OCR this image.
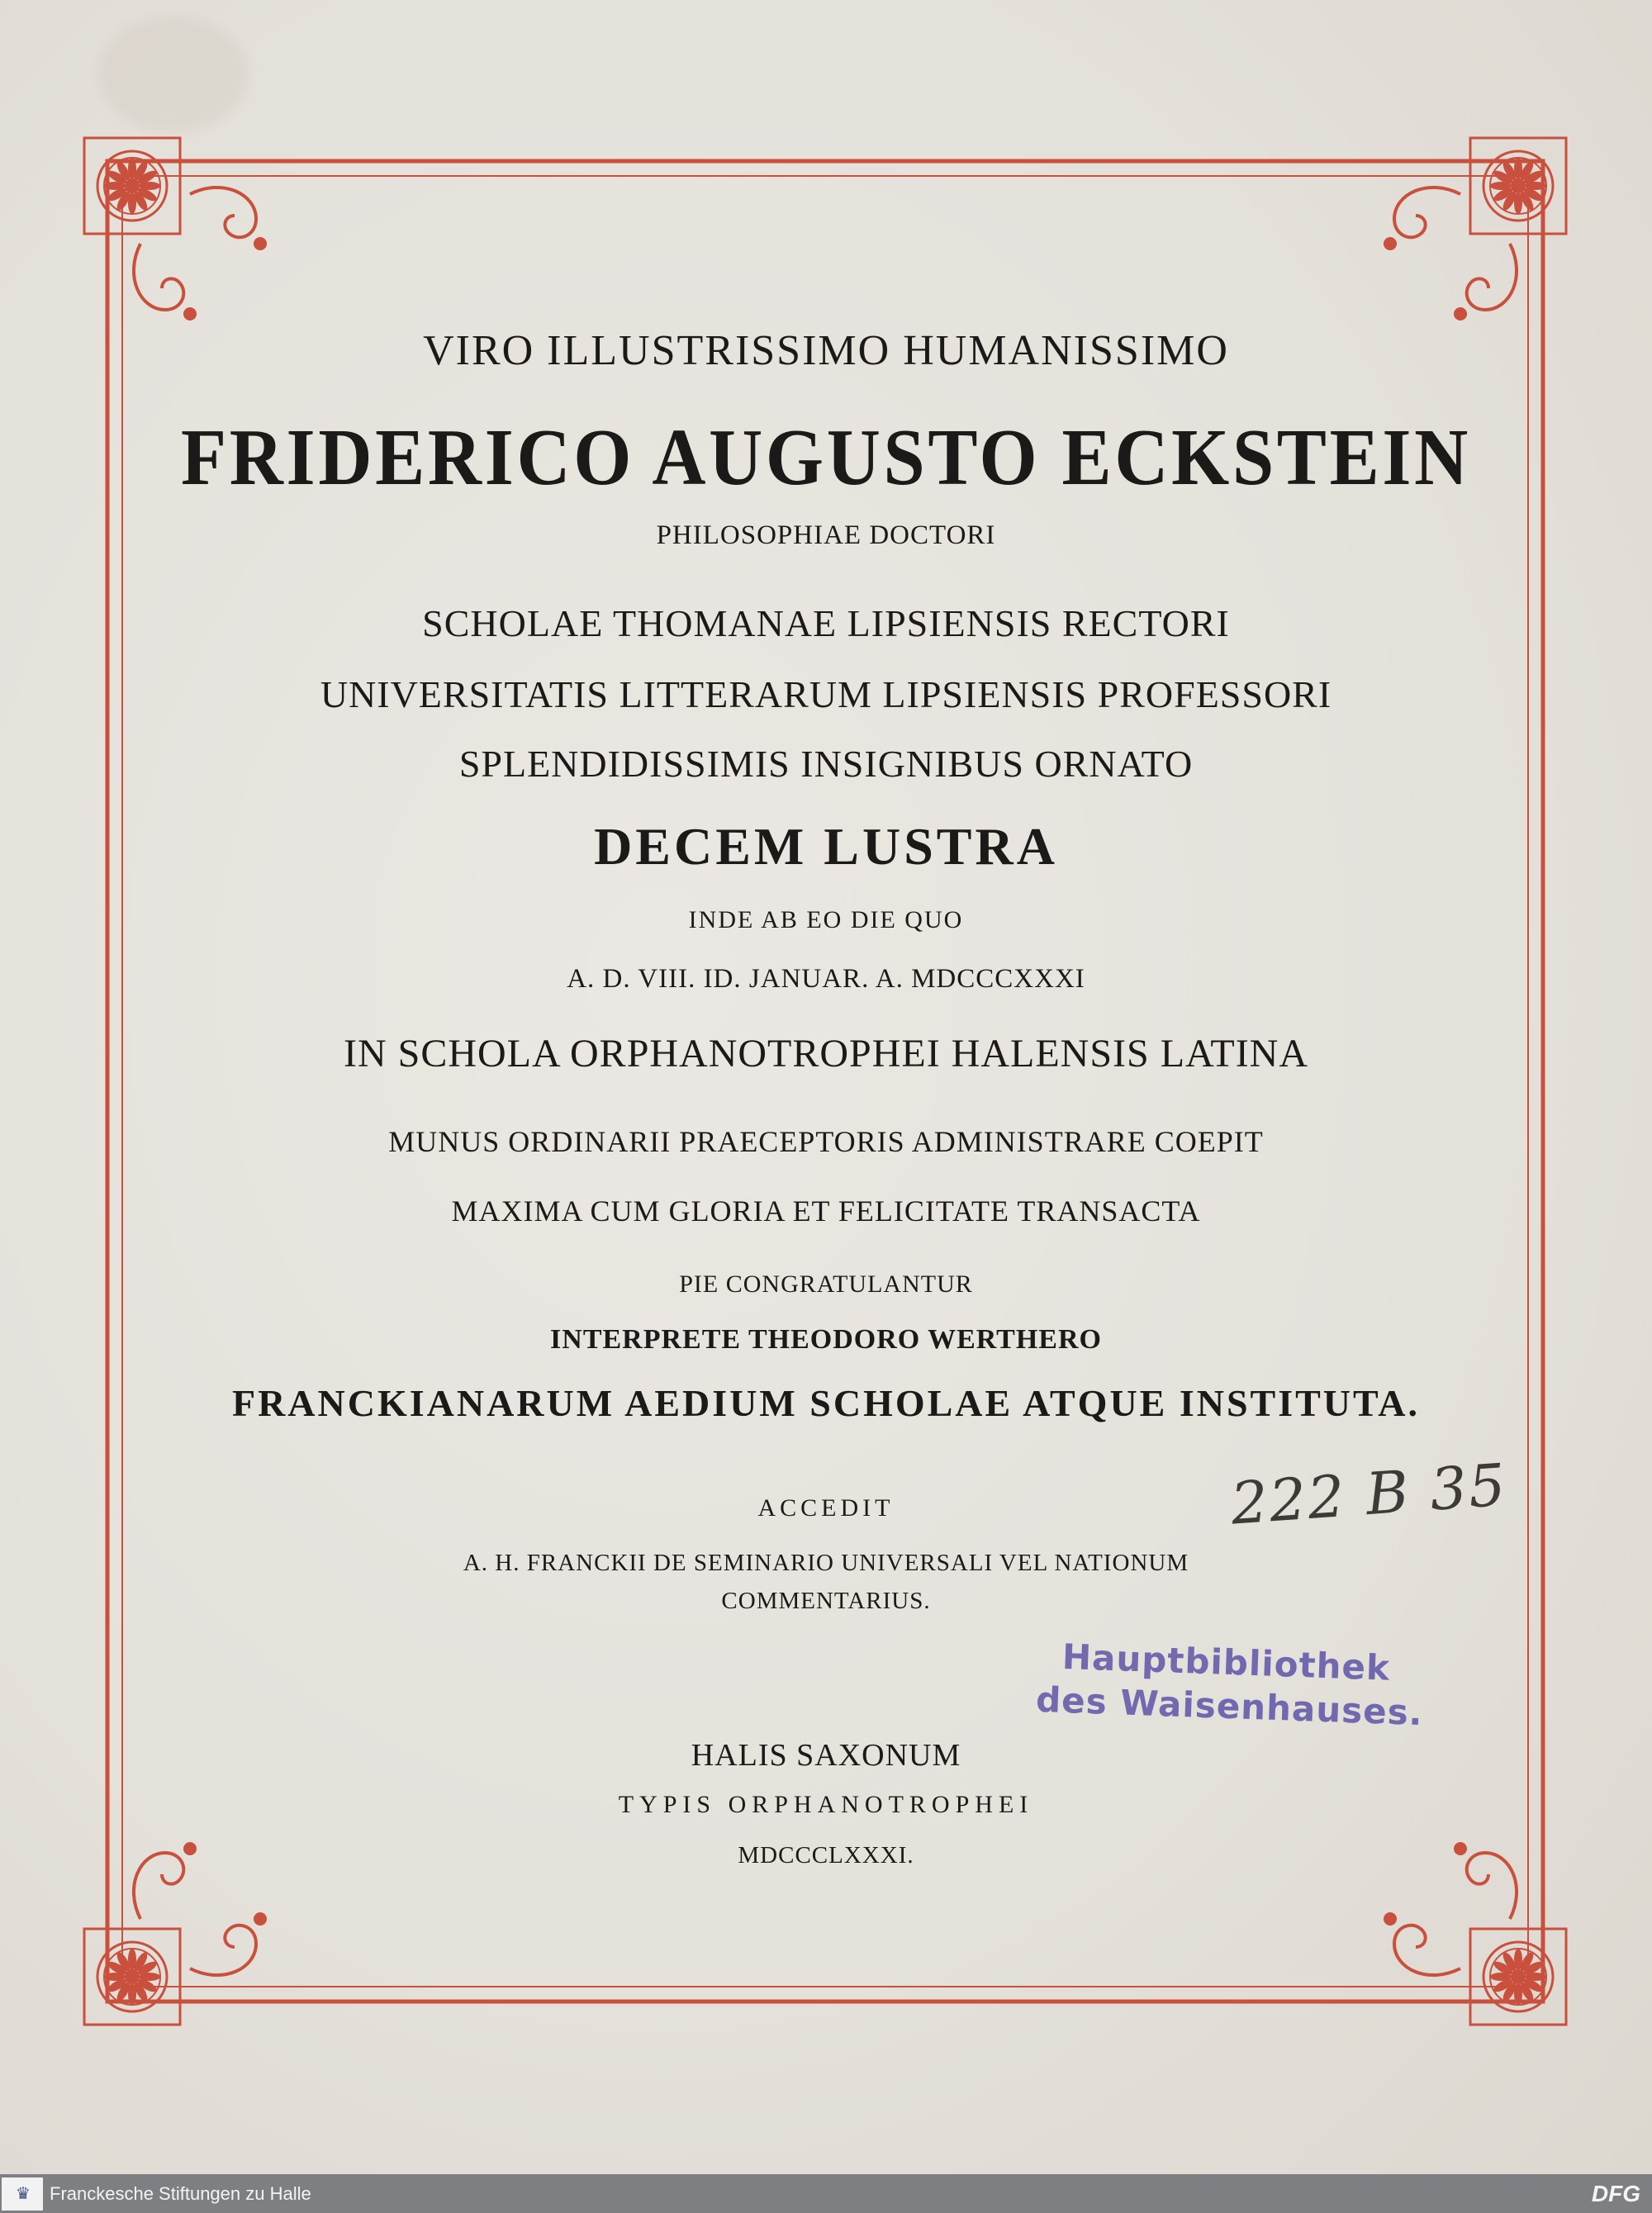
VIRO ILLUSTRISSIMO HUMANISSIMO
FRIDERICO AUGUSTO ECKSTEIN
PHILOSOPHIAE DOCTORI
SCHOLAE THOMANAE LIPSIENSIS RECTORI
UNIVERSITATIS LITTERARUM LIPSIENSIS PROFESSORI
SPLENDIDISSIMIS INSIGNIBUS ORNATO
DECEM LUSTRA
INDE AB EO DIE QUO
A. D. VIII. ID. JANUAR. A. MDCCCXXXI
IN SCHOLA ORPHANOTROPHEI HALENSIS LATINA
MUNUS ORDINARII PRAECEPTORIS ADMINISTRARE COEPIT
MAXIMA CUM GLORIA ET FELICITATE TRANSACTA
PIE CONGRATULANTUR
INTERPRETE THEODORO WERTHERO
FRANCKIANARUM AEDIUM SCHOLAE ATQUE INSTITUTA.
ACCEDIT
A. H. FRANCKII DE SEMINARIO UNIVERSALI VEL NATIONUM
COMMENTARIUS.
HALIS SAXONUM
TYPIS ORPHANOTROPHEI
MDCCCLXXXI.
222 B 35
Hauptbibliothek
des Waisenhauses.
♛ Franckesche Stiftungen zu Halle	DFG
